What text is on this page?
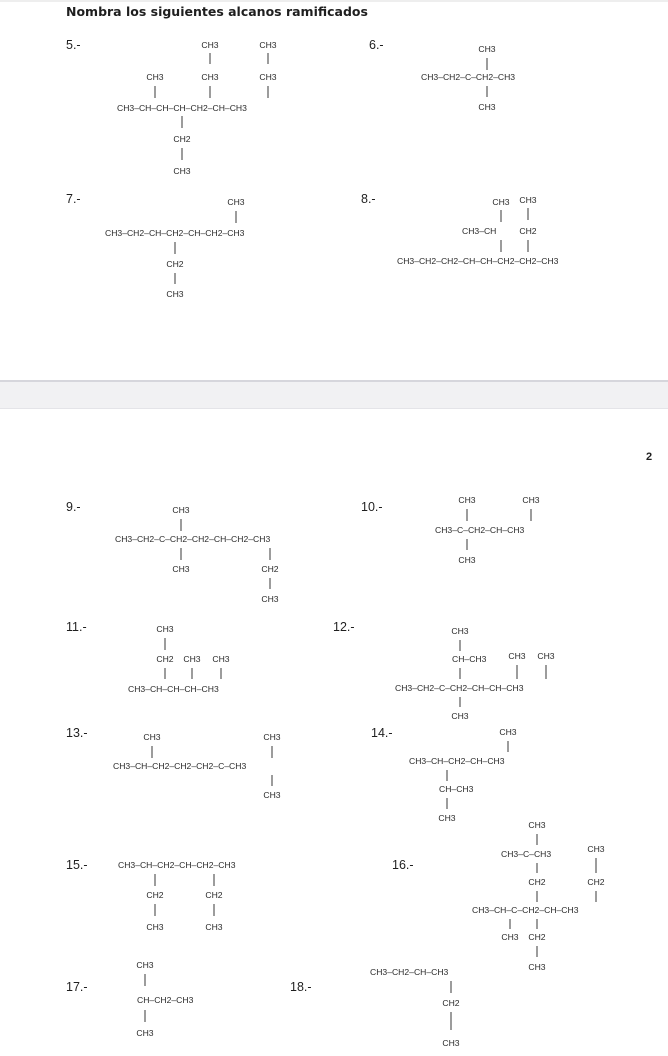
Nombra los siguientes alcanos ramificados
2
5.-	6.-
7.-	8.-
9.-	10.-
11.-	12.-
13.-	14.-
15.-	16.-
17.-	18.-
CH3	CH3
CH3	CH3	CH3
CH3–CH–CH–CH–CH2–CH–CH3
CH2
CH3
CH3
CH3–CH2–C–CH2–CH3
CH3
CH3
CH3–CH2–CH–CH2–CH–CH2–CH3
CH2
CH3
CH3 CH3
CH3–CH	CH2
CH3–CH2–CH2–CH–CH–CH2–CH2–CH3
CH3
CH3–CH2–C–CH2–CH2–CH–CH2–CH3
CH3	CH2
CH3
CH3	CH3
CH3–C–CH2–CH–CH3
CH3
CH3
CH2 CH3 CH3
CH3–CH–CH–CH–CH3
CH3
CH–CH3	CH3 CH3
CH3–CH2–C–CH2–CH–CH–CH3
CH3
CH3	CH3
CH3–CH–CH2–CH2–CH2–C–CH3
CH3
CH3
CH3–CH–CH2–CH–CH3
CH–CH3
CH3
CH3–CH–CH2–CH–CH2–CH3
CH2	CH2
CH3	CH3
CH3
CH3–C–CH3	CH3
CH2	CH2
CH3–CH–C–CH2–CH–CH3
CH3 CH2
CH3
CH3
CH–CH2–CH3
CH3
CH3–CH2–CH–CH3
CH2
CH3
